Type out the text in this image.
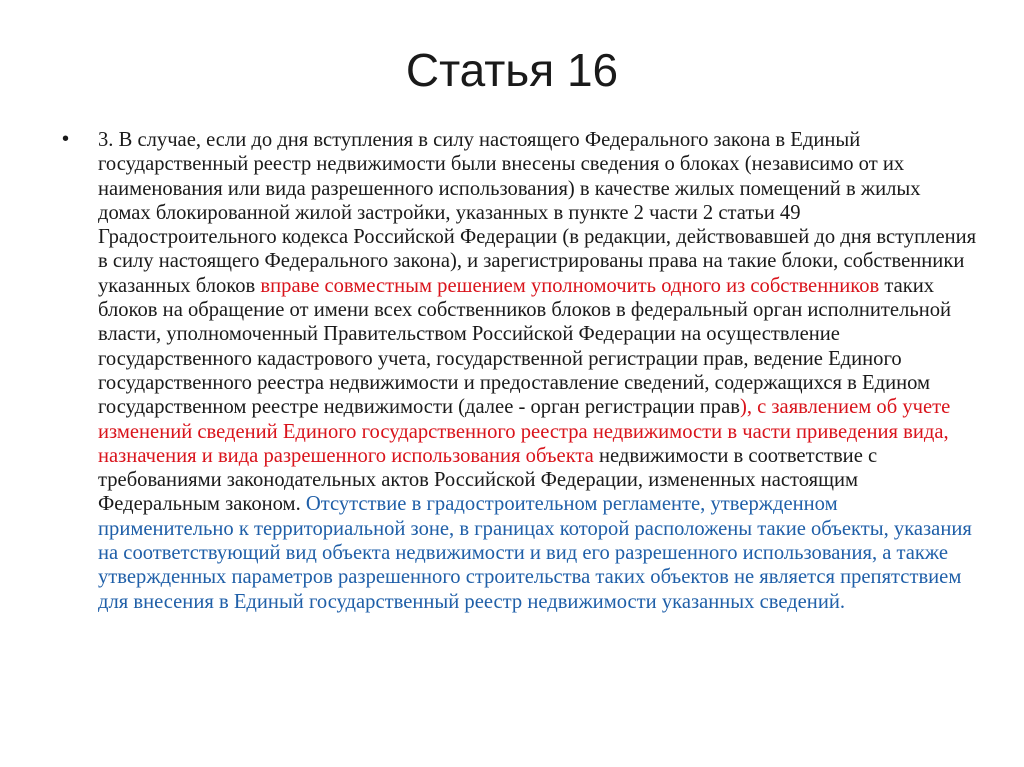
Статья 16
• 3. В случае, если до дня вступления в силу настоящего Федерального закона в Единый государственный реестр недвижимости были внесены сведения о блоках (независимо от их наименования или вида разрешенного использования) в качестве жилых помещений в жилых домах блокированной жилой застройки, указанных в пункте 2 части 2 статьи 49 Градостроительного кодекса Российской Федерации (в редакции, действовавшей до дня вступления в силу настоящего Федерального закона), и зарегистрированы права на такие блоки, собственники указанных блоков вправе совместным решением уполномочить одного из собственников таких блоков на обращение от имени всех собственников блоков в федеральный орган исполнительной власти, уполномоченный Правительством Российской Федерации на осуществление государственного кадастрового учета, государственной регистрации прав, ведение Единого государственного реестра недвижимости и предоставление сведений, содержащихся в Едином государственном реестре недвижимости (далее - орган регистрации прав), с заявлением об учете изменений сведений Единого государственного реестра недвижимости в части приведения вида, назначения и вида разрешенного использования объекта недвижимости в соответствие с требованиями законодательных актов Российской Федерации, измененных настоящим Федеральным законом. Отсутствие в градостроительном регламенте, утвержденном применительно к территориальной зоне, в границах которой расположены такие объекты, указания на соответствующий вид объекта недвижимости и вид его разрешенного использования, а также утвержденных параметров разрешенного строительства таких объектов не является препятствием для внесения в Единый государственный реестр недвижимости указанных сведений.
